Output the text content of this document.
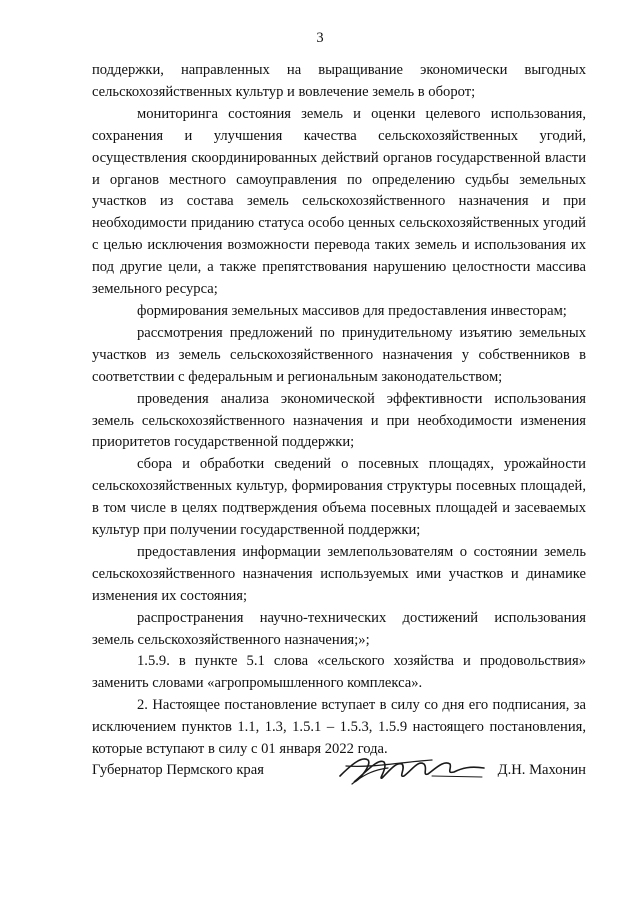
3

поддержки, направленных на выращивание экономически выгодных сельскохозяйственных культур и вовлечение земель в оборот;

мониторинга состояния земель и оценки целевого использования, сохранения и улучшения качества сельскохозяйственных угодий, осуществления скоординированных действий органов государственной власти и органов местного самоуправления по определению судьбы земельных участков из состава земель сельскохозяйственного назначения и при необходимости приданию статуса особо ценных сельскохозяйственных угодий с целью исключения возможности перевода таких земель и использования их под другие цели, а также препятствования нарушению целостности массива земельного ресурса;

формирования земельных массивов для предоставления инвесторам;

рассмотрения предложений по принудительному изъятию земельных участков из земель сельскохозяйственного назначения у собственников в соответствии с федеральным и региональным законодательством;

проведения анализа экономической эффективности использования земель сельскохозяйственного назначения и при необходимости изменения приоритетов государственной поддержки;

сбора и обработки сведений о посевных площадях, урожайности сельскохозяйственных культур, формирования структуры посевных площадей, в том числе в целях подтверждения объема посевных площадей и засеваемых культур при получении государственной поддержки;

предоставления информации землепользователям о состоянии земель сельскохозяйственного назначения используемых ими участков и динамике изменения их состояния;

распространения научно-технических достижений использования земель сельскохозяйственного назначения;»;

1.5.9. в пункте 5.1 слова «сельского хозяйства и продовольствия» заменить словами «агропромышленного комплекса».

2. Настоящее постановление вступает в силу со дня его подписания, за исключением пунктов 1.1, 1.3, 1.5.1 – 1.5.3, 1.5.9 настоящего постановления, которые вступают в силу с 01 января 2022 года.

Губернатор Пермского края	Д.Н. Махонин
